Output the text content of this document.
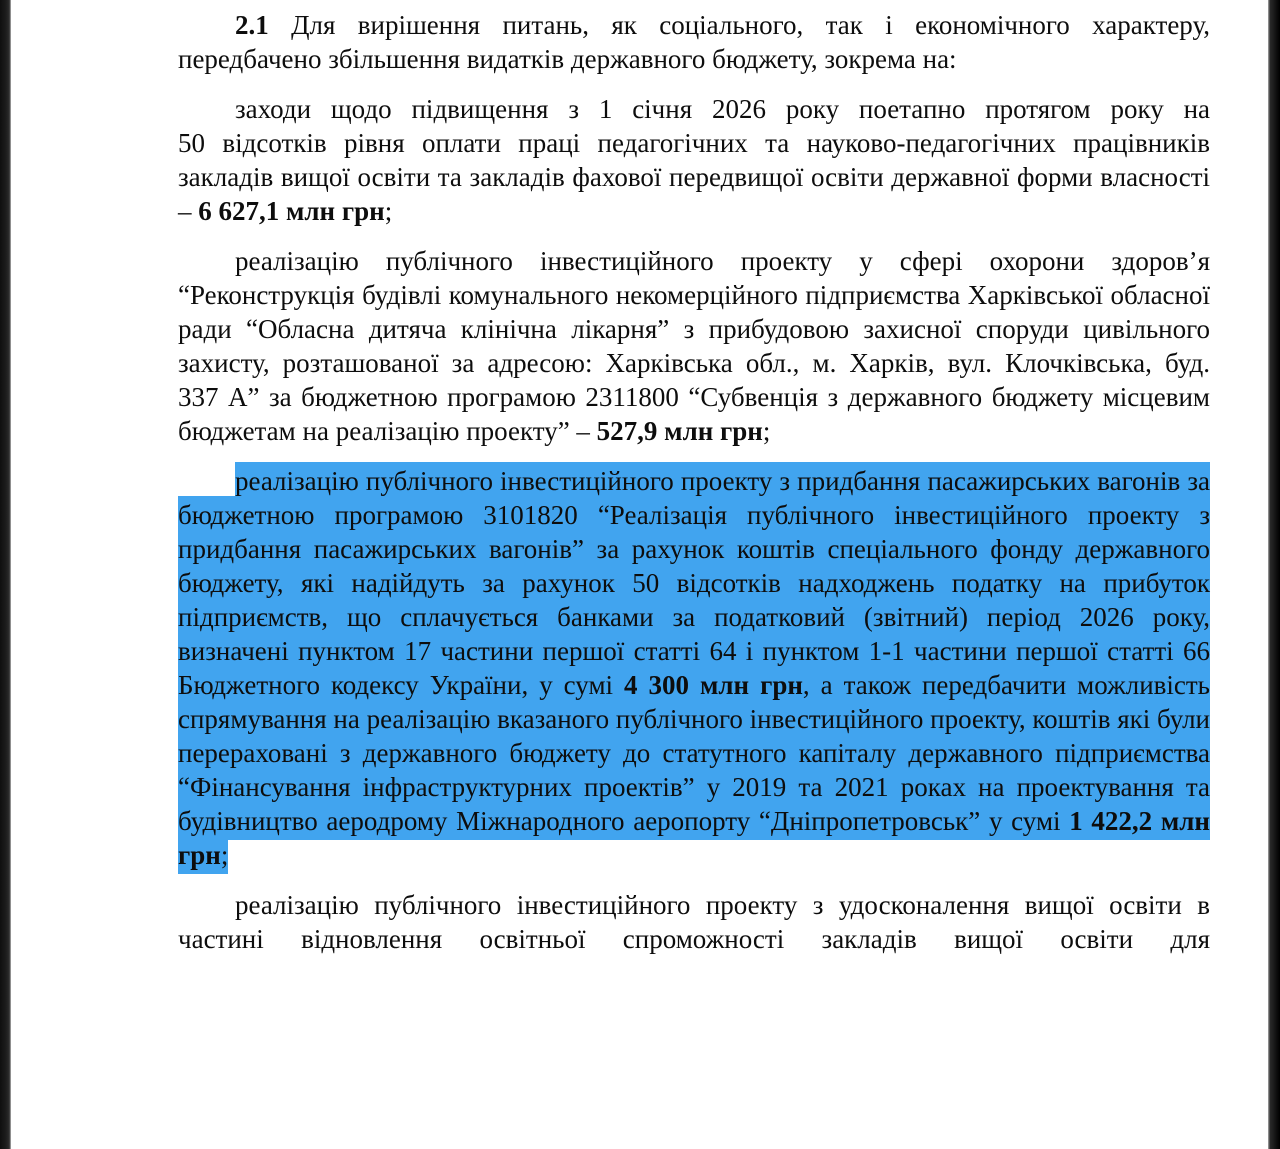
2.1 Для вирішення питань, як соціального, так і економічного характеру, передбачено збільшення видатків державного бюджету, зокрема на:

заходи щодо підвищення з 1 січня 2026 року поетапно протягом року на 50 відсотків рівня оплати праці педагогічних та науково-педагогічних працівників закладів вищої освіти та закладів фахової передвищої освіти державної форми власності – 6 627,1 млн грн;

реалізацію публічного інвестиційного проекту у сфері охорони здоров’я “Реконструкція будівлі комунального некомерційного підприємства Харківської обласної ради “Обласна дитяча клінічна лікарня” з прибудовою захисної споруди цивільного захисту, розташованої за адресою: Харківська обл., м. Харків, вул. Клочківська, буд. 337 А” за бюджетною програмою 2311800 “Субвенція з державного бюджету місцевим бюджетам на реалізацію проекту” – 527,9 млн грн;

реалізацію публічного інвестиційного проекту з придбання пасажирських вагонів за бюджетною програмою 3101820 “Реалізація публічного інвестиційного проекту з придбання пасажирських вагонів” за рахунок коштів спеціального фонду державного бюджету, які надійдуть за рахунок 50 відсотків надходжень податку на прибуток підприємств, що сплачується банками за податковий (звітний) період 2026 року, визначені пунктом 17 частини першої статті 64 і пунктом 1-1 частини першої статті 66 Бюджетного кодексу України, у сумі 4 300 млн грн, а також передбачити можливість спрямування на реалізацію вказаного публічного інвестиційного проекту, коштів які були перераховані з державного бюджету до статутного капіталу державного підприємства “Фінансування інфраструктурних проектів” у 2019 та 2021 роках на проектування та будівництво аеродрому Міжнародного аеропорту “Дніпропетровськ” у сумі 1 422,2 млн грн;

реалізацію публічного інвестиційного проекту з удосконалення вищої освіти в частині відновлення освітньої спроможності закладів вищої освіти для
